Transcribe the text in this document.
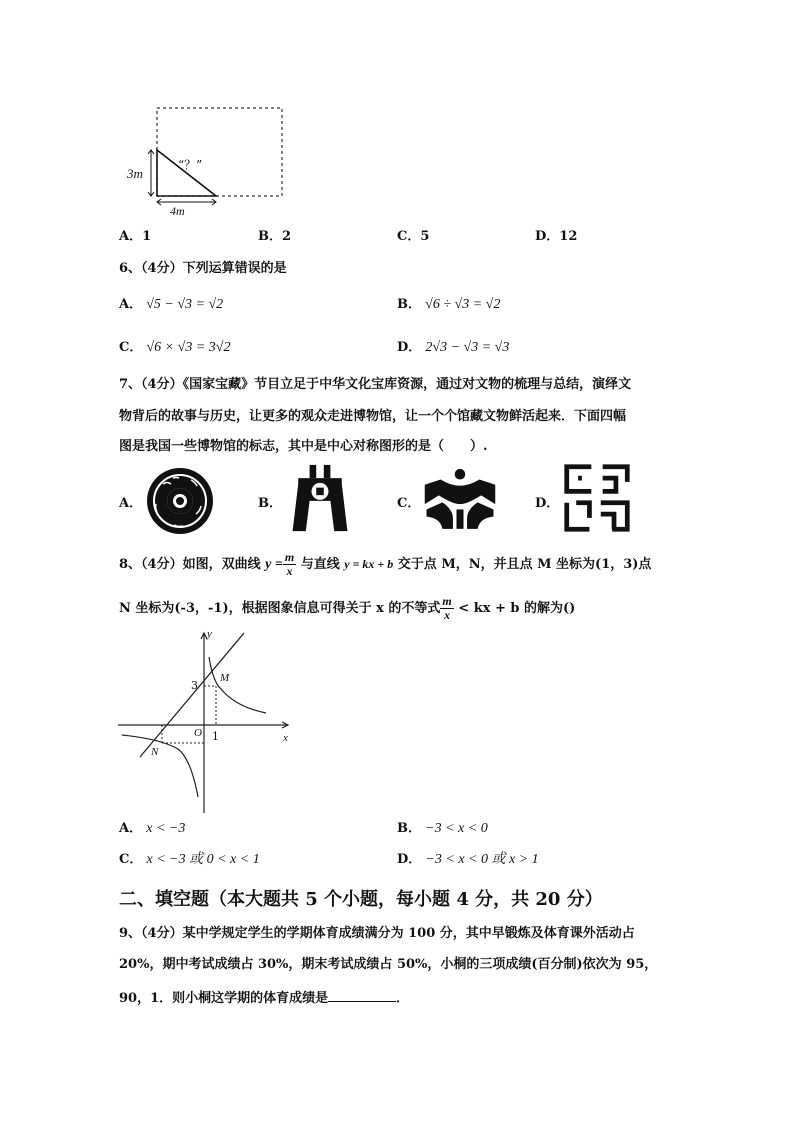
3m
4m
“？”
A．1	B．2	C．5	D．12
6、（4分）下列运算错误的是
A． √5 − √3 = √2	B． √6 ÷ √3 = √2
C． √6 × √3 = 3√2	D． 2√3 − √3 = √3
7、（4分）《国家宝藏》节目立足于中华文化宝库资源，通过对文物的梳理与总结，演绎文
物背后的故事与历史，让更多的观众走进博物馆，让一个个馆藏文物鲜活起来．下面四幅
图是我国一些博物馆的标志，其中是中心对称图形的是（　　）.
A．	B．	C．	D．
8、（4分）如图，双曲线 $y = \frac{m}{x}$ 与直线 y = kx + b 交于点 M，N，并且点 M 坐标为(1，3)点
N 坐标为(-3，-1)，根据图象信息可得关于 x 的不等式 $\frac{m}{x}$ < kx + b 的解为()
y
x
O
3
1
M
N
A． x < −3	B． −3 < x < 0
C． x < −3 或 0 < x < 1	D． −3 < x < 0 或 x > 1
二、填空题（本大题共 5 个小题，每小题 4 分，共 20 分）
9、（4分）某中学规定学生的学期体育成绩满分为 100 分，其中早锻炼及体育课外活动占
20%，期中考试成绩占 30%，期末考试成绩占 50%，小桐的三项成绩(百分制)依次为 95，
90，1．则小桐这学期的体育成绩是	．
